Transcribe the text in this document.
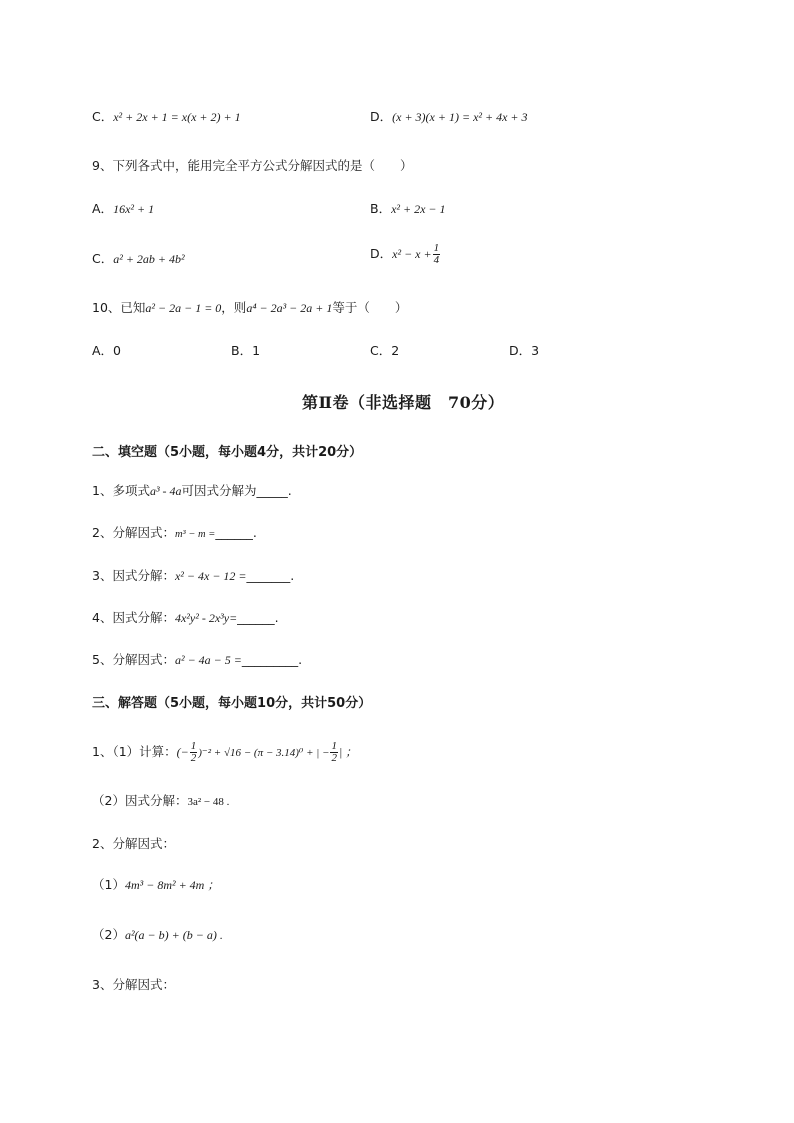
C．x² + 2x + 1 = x(x + 2) + 1	D．(x + 3)(x + 1) = x² + 4x + 3
9、下列各式中，能用完全平方公式分解因式的是（　　）
A．16x² + 1	B．x² + 2x − 1
C．a² + 2ab + 4b²	D．$x^2 - x + \frac{1}{4}$
10、已知a² − 2a − 1 = 0，则a⁴ − 2a³ − 2a + 1等于（　　）
A．0	B．1	C．2	D．3
第Ⅱ卷（非选择题　70分）
二、填空题（5小题，每小题4分，共计20分）
1、多项式a³ - 4a可因式分解为_____.
2、分解因式：m³ − m =______.
3、因式分解：x² − 4x − 12 =_______.
4、因式分解：4x²y² - 2x³y=______.
5、分解因式：a² − 4a − 5 =_________.
三、解答题（5小题，每小题10分，共计50分）
1、（1）计算：(− $\frac{1}{2} )^{-2} + √16 - (\pi - 3.14)^0$ + | − $\frac{1}{2}$ | ；
（2）因式分解：3a² − 48 .
2、分解因式：
（1）4m³ − 8m² + 4m ；
（2）a²(a − b) + (b − a) .
3、分解因式：
